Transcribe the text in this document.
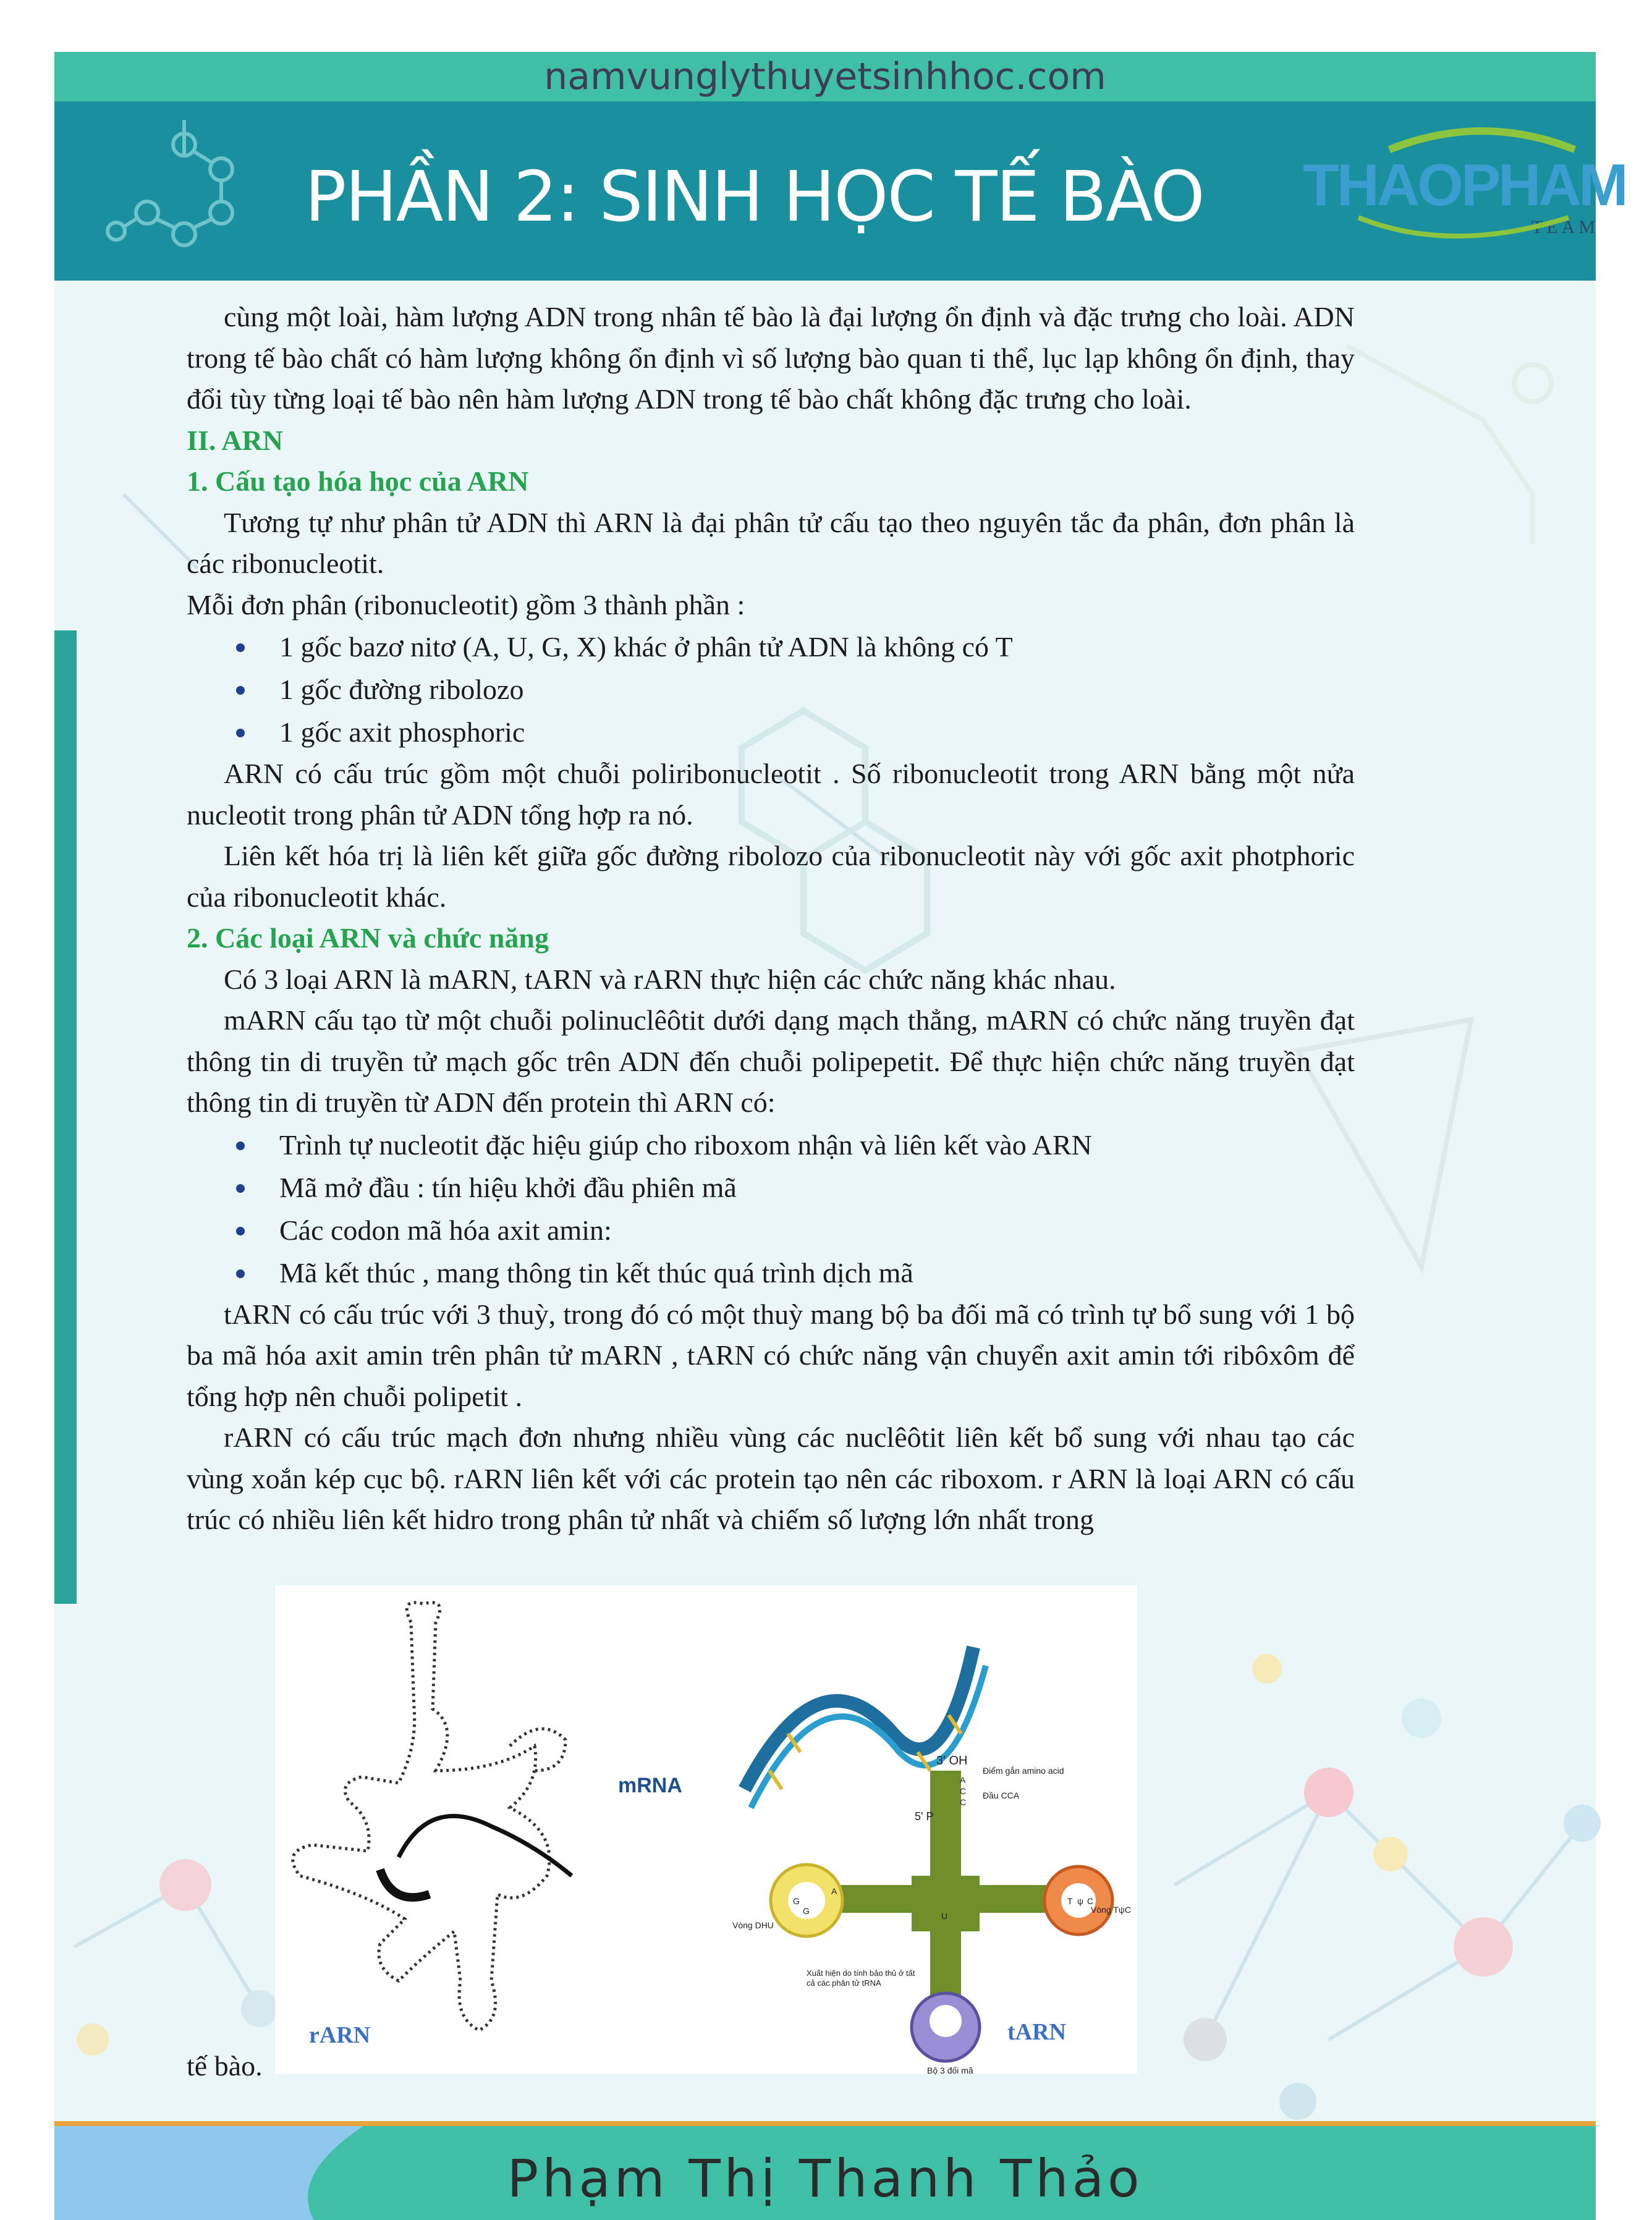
namvunglythuyetsinhhoc.com
PHẦN 2: SINH HỌC TẾ BÀO THAOPHAM
TEAM

cùng một loài, hàm lượng ADN trong nhân tế bào là đại lượng ổn định và đặc trưng cho loài. ADN trong tế bào chất có hàm lượng không ổn định vì số lượng bào quan ti thể, lục lạp không ổn định, thay đổi tùy từng loại tế bào nên hàm lượng ADN trong tế bào chất không đặc trưng cho loài.

II. ARN

1. Cấu tạo hóa học của ARN

Tương tự như phân tử ADN thì ARN là đại phân tử cấu tạo theo nguyên tắc đa phân, đơn phân là các ribonucleotit.

Mỗi đơn phân (ribonucleotit) gồm 3 thành phần :

1 gốc bazơ nitơ (A, U, G, X) khác ở phân tử ADN là không có T
1 gốc đường ribolozo
1 gốc axit phosphoric

ARN có cấu trúc gồm một chuỗi poliribonucleotit . Số ribonucleotit trong ARN bằng một nửa nucleotit trong phân tử ADN tổng hợp ra nó.

Liên kết hóa trị là liên kết giữa gốc đường ribolozo của ribonucleotit này với gốc axit photphoric của ribonucleotit khác.

2. Các loại ARN và chức năng

Có 3 loại ARN là mARN, tARN và rARN thực hiện các chức năng khác nhau.

mARN cấu tạo từ một chuỗi polinuclêôtit dưới dạng mạch thẳng, mARN có chức năng truyền đạt thông tin di truyền tử mạch gốc trên ADN đến chuỗi polipepetit. Để thực hiện chức năng truyền đạt thông tin di truyền từ ADN đến protein thì ARN có:

Trình tự nucleotit đặc hiệu giúp cho riboxom nhận và liên kết vào ARN
Mã mở đầu : tín hiệu khởi đầu phiên mã
Các codon mã hóa axit amin:
Mã kết thúc , mang thông tin kết thúc quá trình dịch mã

tARN có cấu trúc với 3 thuỳ, trong đó có một thuỳ mang bộ ba đối mã có trình tự bổ sung với 1 bộ ba mã hóa axit amin trên phân tử mARN , tARN có chức năng vận chuyển axit amin tới ribôxôm để tổng hợp nên chuỗi polipetit .

rARN có cấu trúc mạch đơn nhưng nhiều vùng các nuclêôtit liên kết bổ sung với nhau tạo các vùng xoắn kép cục bộ. rARN liên kết với các protein tạo nên các riboxom. r ARN là loại ARN có cấu trúc có nhiều liên kết hidro trong phân tử nhất và chiếm số lượng lớn nhất trong

rARN
mRNA
3' OH
Điểm gắn amino acid
Đầu CCA
A
C
C
G
G
A
T ψ C
U
5' P
Vòng DHU
Vòng TψC
Xuất hiện do tính bảo thủ ở tất cả các phân tử tRNA
Bộ 3 đối mã
tARN
tế bào.
Phạm Thị Thanh Thảo
